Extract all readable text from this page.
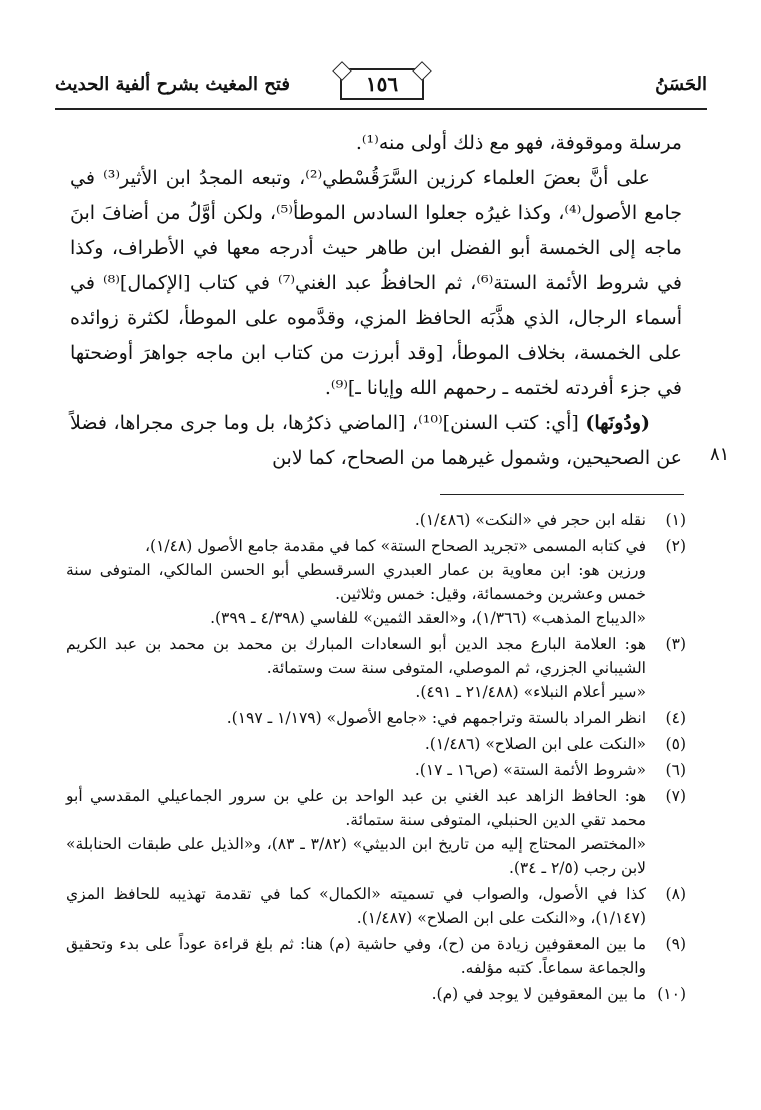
الحَسَنُ
١٥٦
فتح المغيث بشرح ألفية الحديث

مرسلة وموقوفة، فهو مع ذلك أولى منه⁽¹⁾.

على أنَّ بعضَ العلماء كرزين السَّرَقُسْطي⁽²⁾، وتبعه المجدُ ابن الأثير⁽³⁾ في جامع الأصول⁽⁴⁾، وكذا غيرُه جعلوا السادس الموطأ⁽⁵⁾، ولكن أوَّلُ من أضافَ ابنَ ماجه إلى الخمسة أبو الفضل ابن طاهر حيث أدرجه معها في الأطراف، وكذا في شروط الأئمة الستة⁽⁶⁾، ثم الحافظُ عبد الغني⁽⁷⁾ في كتاب [الإكمال]⁽⁸⁾ في أسماء الرجال، الذي هذَّبَه الحافظ المزي، وقدَّموه على الموطأ، لكثرة زوائده على الخمسة، بخلاف الموطأ، [وقد أبرزت من كتاب ابن ماجه جواهرَ أوضحتها في جزء أفردته لختمه ـ رحمهم الله وإيانا ـ]⁽⁹⁾.

(ودُونَها) [أي: كتب السنن]⁽¹⁰⁾، [الماضي ذكرُها، بل وما جرى مجراها، فضلاً عن الصحيحين، وشمول غيرهما من الصحاح، كما لابن ٨١
(١)
نقله ابن حجر في «النكت» (١/٤٨٦).
(٢)
في كتابه المسمى «تجريد الصحاح الستة» كما في مقدمة جامع الأصول (١/٤٨)،
ورزين هو: ابن معاوية بن عمار العبدري السرقسطي أبو الحسن المالكي، المتوفى سنة خمس وعشرين وخمسمائة، وقيل: خمس وثلاثين.
«الديباج المذهب» (١/٣٦٦)، و«العقد الثمين» للفاسي (٤/٣٩٨ ـ ٣٩٩).
(٣)
هو: العلامة البارع مجد الدين أبو السعادات المبارك بن محمد بن محمد بن عبد الكريم الشيباني الجزري، ثم الموصلي، المتوفى سنة ست وستمائة.
«سير أعلام النبلاء» (٢١/٤٨٨ ـ ٤٩١).
(٤)
انظر المراد بالستة وتراجمهم في: «جامع الأصول» (١/١٧٩ ـ ١٩٧).
(٥)
«النكت على ابن الصلاح» (١/٤٨٦).
(٦)
«شروط الأئمة الستة» (ص١٦ ـ ١٧).
(٧)
هو: الحافظ الزاهد عبد الغني بن عبد الواحد بن علي بن سرور الجماعيلي المقدسي أبو محمد تقي الدين الحنبلي، المتوفى سنة ستمائة.
«المختصر المحتاج إليه من تاريخ ابن الدبيثي» (٣/٨٢ ـ ٨٣)، و«الذيل على طبقات الحنابلة» لابن رجب (٢/٥ ـ ٣٤).
(٨)
كذا في الأصول، والصواب في تسميته «الكمال» كما في تقدمة تهذيبه للحافظ المزي (١/١٤٧)، و«النكت على ابن الصلاح» (١/٤٨٧).
(٩)
ما بين المعقوفين زيادة من (ح)، وفي حاشية (م) هنا: ثم بلغ قراءة عوداً على بدء وتحقيق والجماعة سماعاً. كتبه مؤلفه.
(١٠)
ما بين المعقوفين لا يوجد في (م).
